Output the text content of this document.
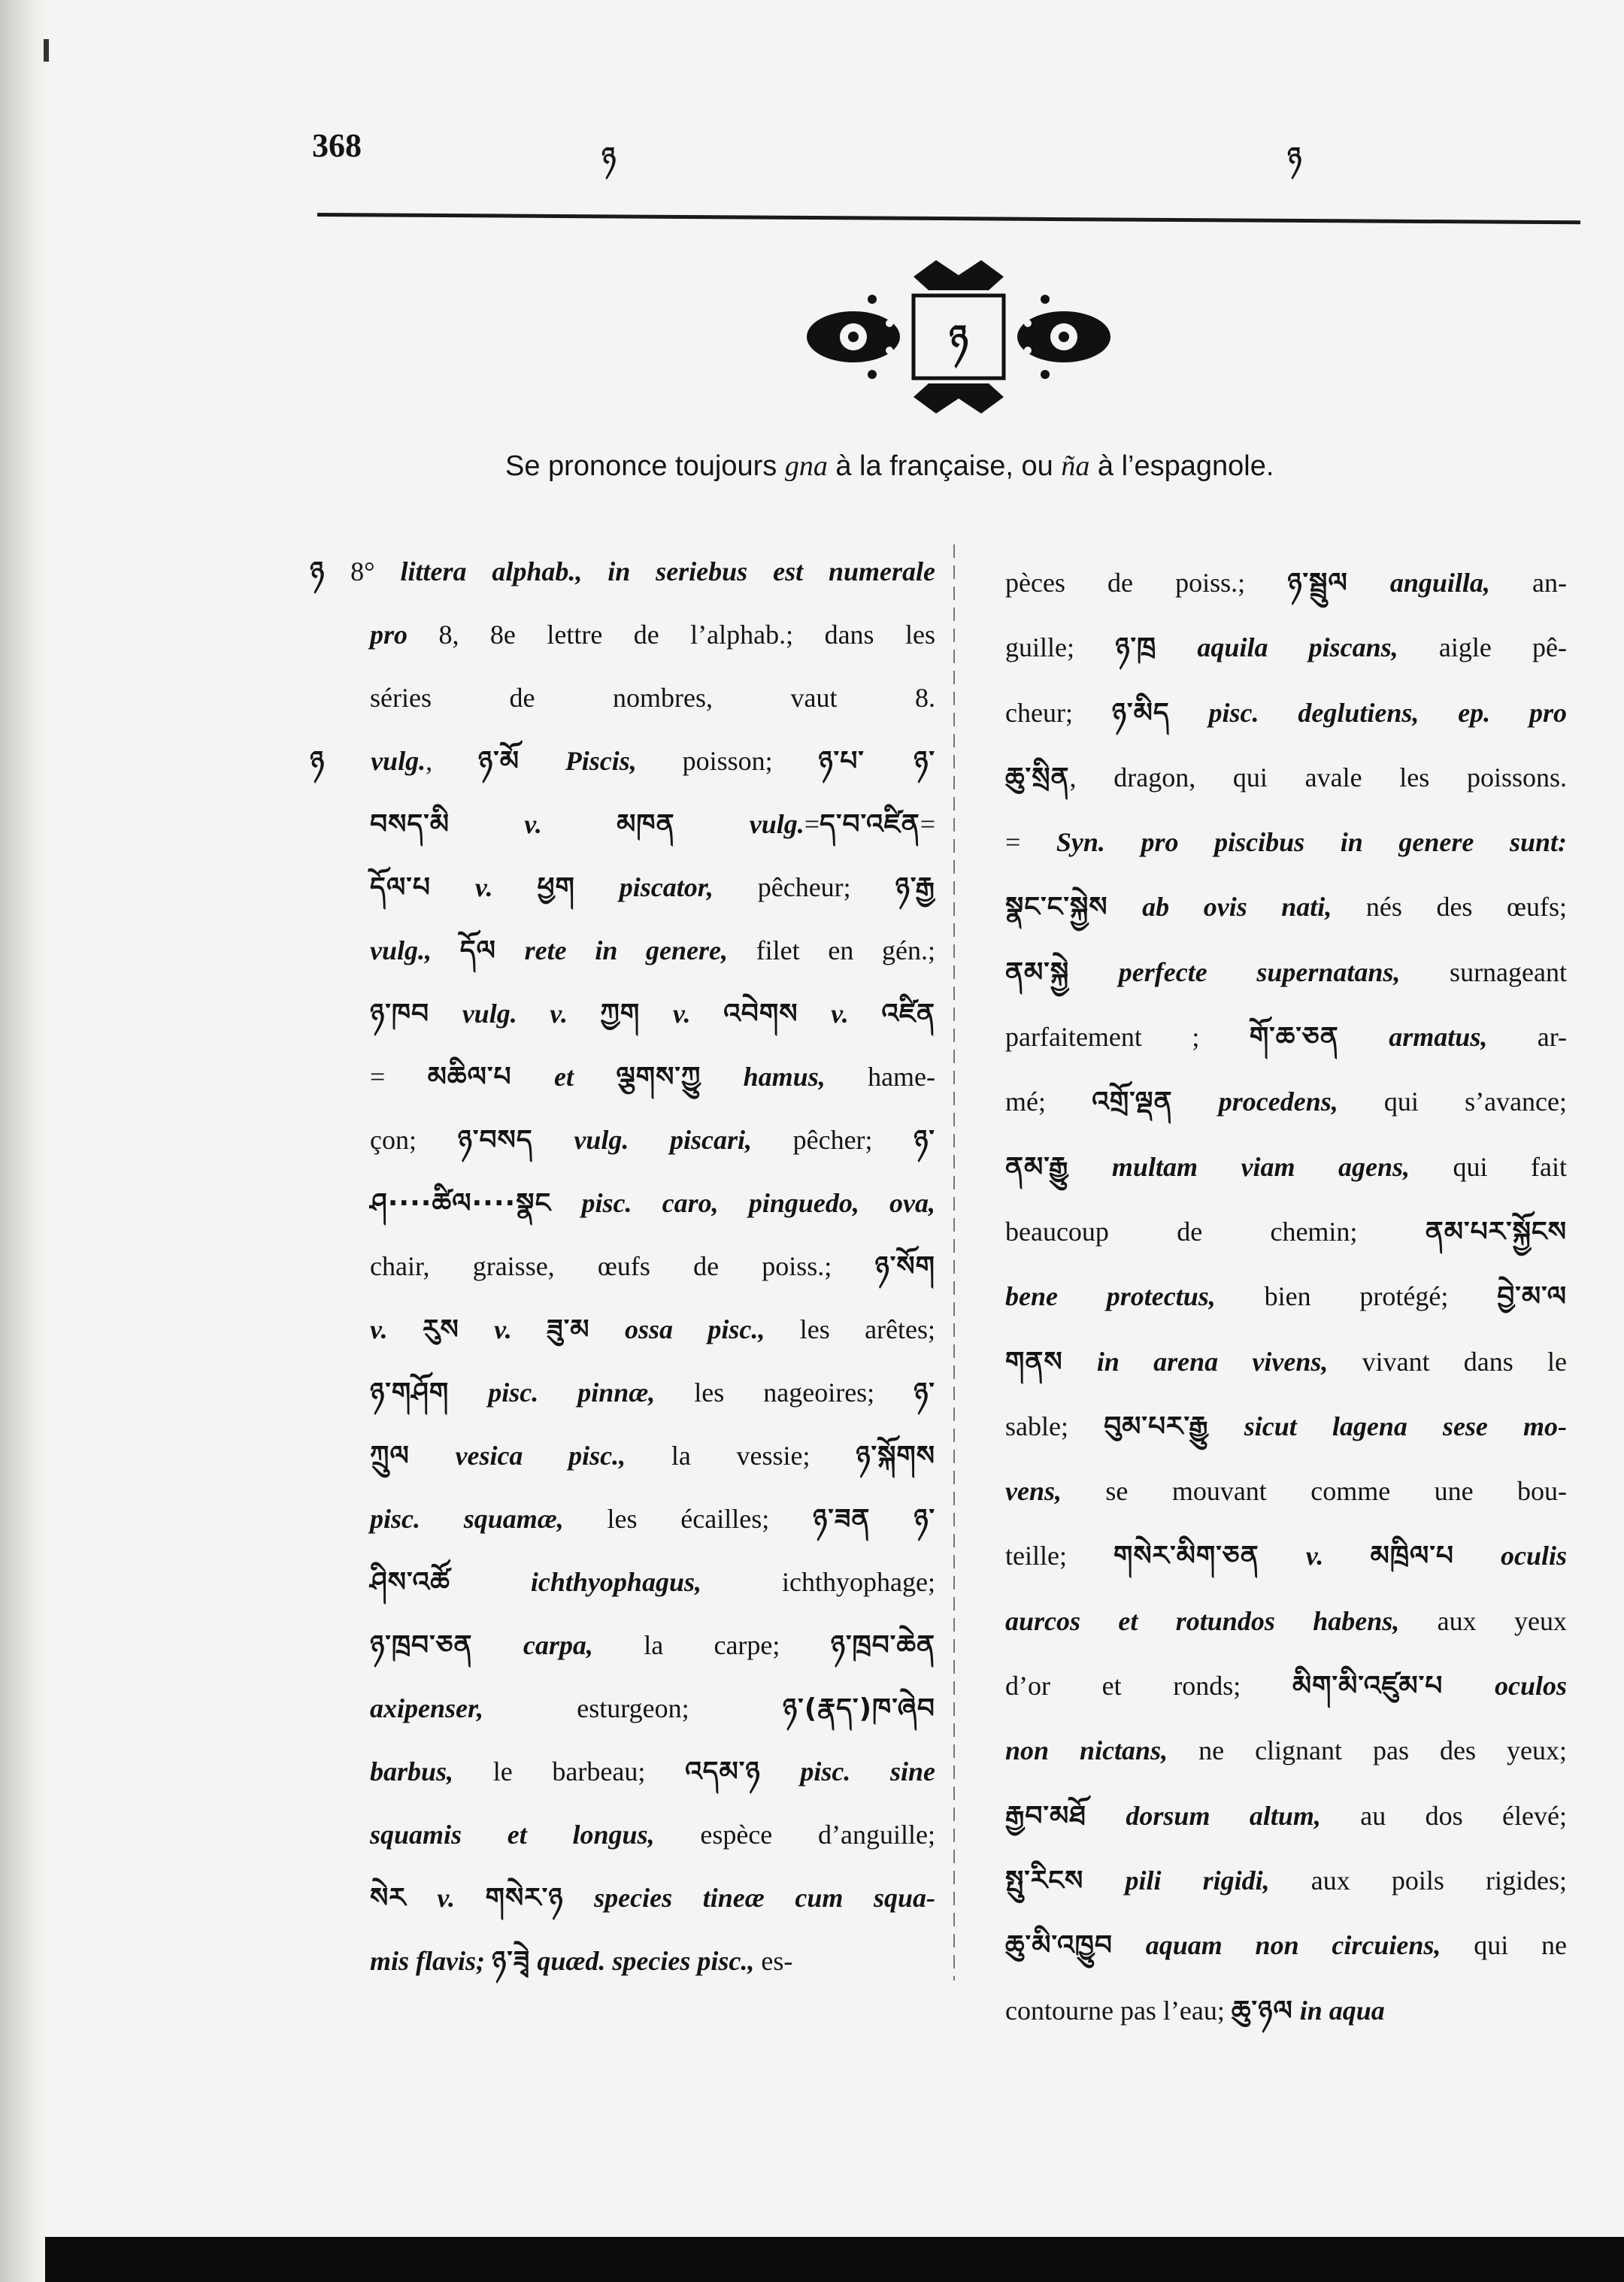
368	ཉ	ཉ
ཉ
Se prononce toujours gna à la française, ou ña à l’espagnole.
ཉ 8° littera alphab., in seriebus est numerale
pro 8, 8e lettre de l’alphab.; dans les
séries de nombres, vaut 8.
ཉ vulg., ཉ་མོ Piscis, poisson; ཉ་པ་ ཉ་
བསད་མི	v.	མཁན	vulg.=ད་བ་འཛིན=
དོལ་པ v. ཕྱག piscator, pêcheur; ཉ་རྒྱ
vulg., དོལ rete in genere, filet en gén.;
ཉ་ཁབ vulg. v. ཀྱག v. འབེགས v. འཛིན
= མཆིལ་པ et ལྕགས་ཀྱུ hamus, hame-
çon; ཉ་བསད vulg. piscari, pêcher; ཉ་
ཤ····ཚིལ····སྣང pisc. caro, pinguedo, ova,
chair, graisse, œufs de poiss.; ཉ་སོག
v. རུས v. ཟུ་མ ossa pisc., les arêtes;
ཉ་གཤོག pisc. pinnæ, les nageoires; ཉ་
ཀྲུལ vesica pisc., la vessie; ཉ་སྐོགས
pisc. squamæ, les écailles; ཉ་ཟན ཉ་
ཤིས་འཚོ	ichthyophagus, ichthyophage;
ཉ་ཁྲབ་ཅན carpa, la carpe; ཉ་ཁྲབ་ཆེན
axipenser, esturgeon; ཉ་(རྣད་)ཁ་ཞེབ
barbus, le barbeau; འདམ་ཉ pisc. sine
squamis et longus, espèce d’anguille;
སེར v. གསེར་ཉ species tineæ cum squa-
mis flavis; ཉ་ཟྭེ quæd. species pisc., es-
pèces de poiss.; ཉ་སྦྲུལ anguilla, an-
guille; ཉ་ཁྲ aquila piscans, aigle pê-
cheur; ཉ་མིད pisc. deglutiens, ep. pro
ཆུ་སྲིན, dragon, qui avale les poissons.
= Syn. pro piscibus in genere sunt:
སྣང་ང་སྐྱེས ab ovis nati, nés des œufs;
ནམ་སྐྱེ perfecte supernatans, surnageant
parfaitement ; གོ་ཆ་ཅན armatus, ar-
mé; འགྲོ་ལྡན procedens, qui s’avance;
ནམ་རྒྱུ multam viam agens, qui fait
beaucoup de chemin; ནམ་པར་སྐྱོངས
bene protectus, bien protégé; བྱེ་མ་ལ
གནས in arena vivens, vivant dans le
sable; བུམ་པར་རྒྱུ sicut lagena sese mo-
vens, se mouvant comme une bou-
teille; གསེར་མིག་ཅན v. མཁྲིལ་པ oculis
aurcos et rotundos habens, aux yeux
d’or et ronds; མིག་མི་འཛུམ་པ oculos
non nictans, ne clignant pas des yeux;
རྒྱབ་མཐོ dorsum altum, au dos élevé;
སྤུ་རིངས pili rigidi, aux poils rigides;
ཆུ་མི་འཁྱུབ aquam non circuiens, qui ne
contourne pas l’eau; ཆུ་ཉལ in aqua
